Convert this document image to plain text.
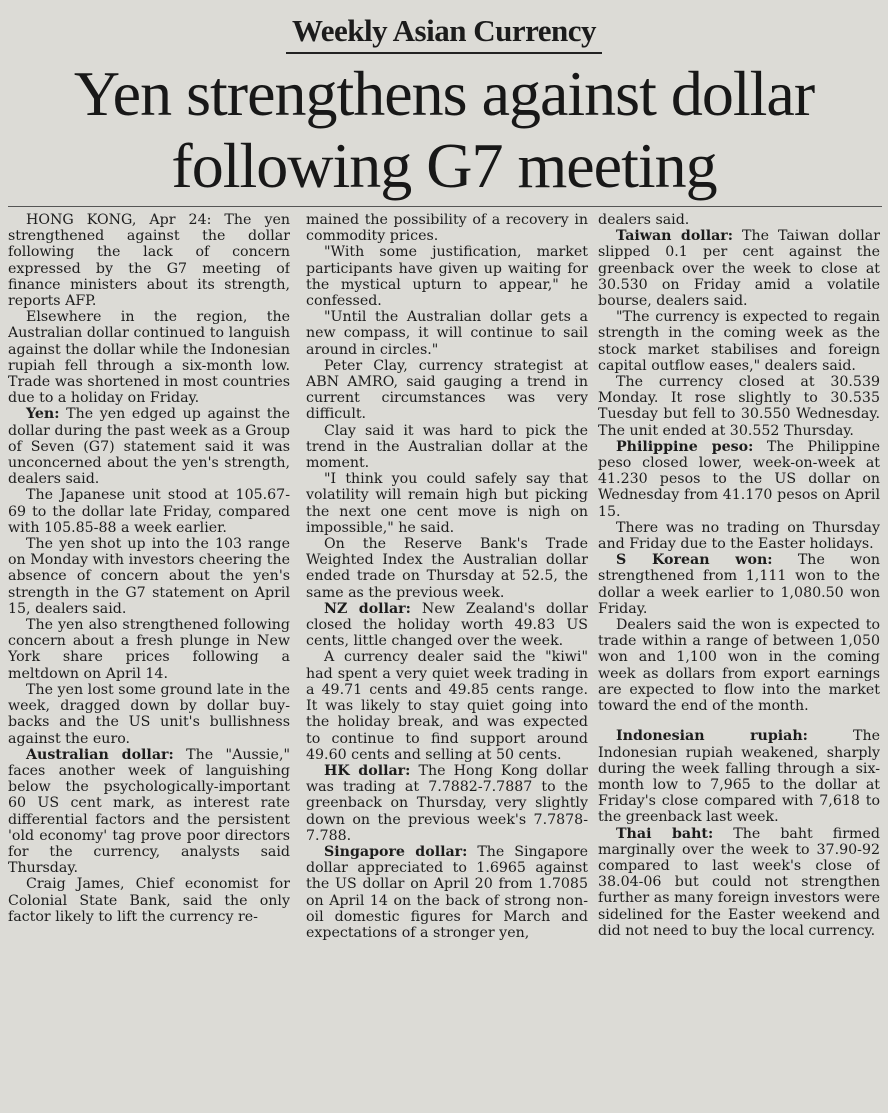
Weekly Asian Currency
Yen strengthens against dollar
following G7 meeting

HONG KONG, Apr 24: The yen strengthened against the dollar following the lack of concern expressed by the G7 meeting of finance ministers about its strength, reports AFP.

Elsewhere in the region, the Australian dollar continued to languish against the dollar while the Indonesian rupiah fell through a six-month low. Trade was shortened in most countries due to a holiday on Friday.

Yen: The yen edged up against the dollar during the past week as a Group of Seven (G7) statement said it was unconcerned about the yen's strength, dealers said.

The Japanese unit stood at 105.67-69 to the dollar late Friday, compared with 105.85-88 a week earlier.

The yen shot up into the 103 range on Monday with investors cheering the absence of concern about the yen's strength in the G7 statement on April 15, dealers said.

The yen also strengthened following concern about a fresh plunge in New York share prices following a meltdown on April 14.

The yen lost some ground late in the week, dragged down by dollar buy-backs and the US unit's bullishness against the euro.

Australian dollar: The "Aussie," faces another week of languishing below the psychologically-important 60 US cent mark, as interest rate differential factors and the persistent 'old economy' tag prove poor directors for the currency, analysts said Thursday.

Craig James, Chief economist for Colonial State Bank, said the only factor likely to lift the currency re-

mained the possibility of a recovery in commodity prices.

"With some justification, market participants have given up waiting for the mystical upturn to appear," he confessed.

"Until the Australian dollar gets a new compass, it will continue to sail around in circles."

Peter Clay, currency strategist at ABN AMRO, said gauging a trend in current circumstances was very difficult.

Clay said it was hard to pick the trend in the Australian dollar at the moment.

"I think you could safely say that volatility will remain high but picking the next one cent move is nigh on impossible," he said.

On the Reserve Bank's Trade Weighted Index the Australian dollar ended trade on Thursday at 52.5, the same as the previous week.

NZ dollar: New Zealand's dollar closed the holiday worth 49.83 US cents, little changed over the week.

A currency dealer said the "kiwi" had spent a very quiet week trading in a 49.71 cents and 49.85 cents range. It was likely to stay quiet going into the holiday break, and was expected to continue to find support around 49.60 cents and selling at 50 cents.

HK dollar: The Hong Kong dollar was trading at 7.7882-7.7887 to the greenback on Thursday, very slightly down on the previous week's 7.7878-7.788.

Singapore dollar: The Singapore dollar appreciated to 1.6965 against the US dollar on April 20 from 1.7085 on April 14 on the back of strong non-oil domestic figures for March and expectations of a stronger yen,

dealers said.

Taiwan dollar: The Taiwan dollar slipped 0.1 per cent against the greenback over the week to close at 30.530 on Friday amid a volatile bourse, dealers said.

"The currency is expected to regain strength in the coming week as the stock market stabilises and foreign capital outflow eases," dealers said.

The currency closed at 30.539 Monday. It rose slightly to 30.535 Tuesday but fell to 30.550 Wednesday. The unit ended at 30.552 Thursday.

Philippine peso: The Philippine peso closed lower, week-on-week at 41.230 pesos to the US dollar on Wednesday from 41.170 pesos on April 15.

There was no trading on Thursday and Friday due to the Easter holidays.

S Korean won: The won strengthened from 1,111 won to the dollar a week earlier to 1,080.50 won Friday.

Dealers said the won is expected to trade within a range of between 1,050 won and 1,100 won in the coming week as dollars from export earnings are expected to flow into the market toward the end of the month.

Indonesian rupiah: The Indonesian rupiah weakened, sharply during the week falling through a six-month low to 7,965 to the dollar at Friday's close compared with 7,618 to the greenback last week.

Thai baht: The baht firmed marginally over the week to 37.90-92 compared to last week's close of 38.04-06 but could not strengthen further as many foreign investors were sidelined for the Easter weekend and did not need to buy the local currency.
